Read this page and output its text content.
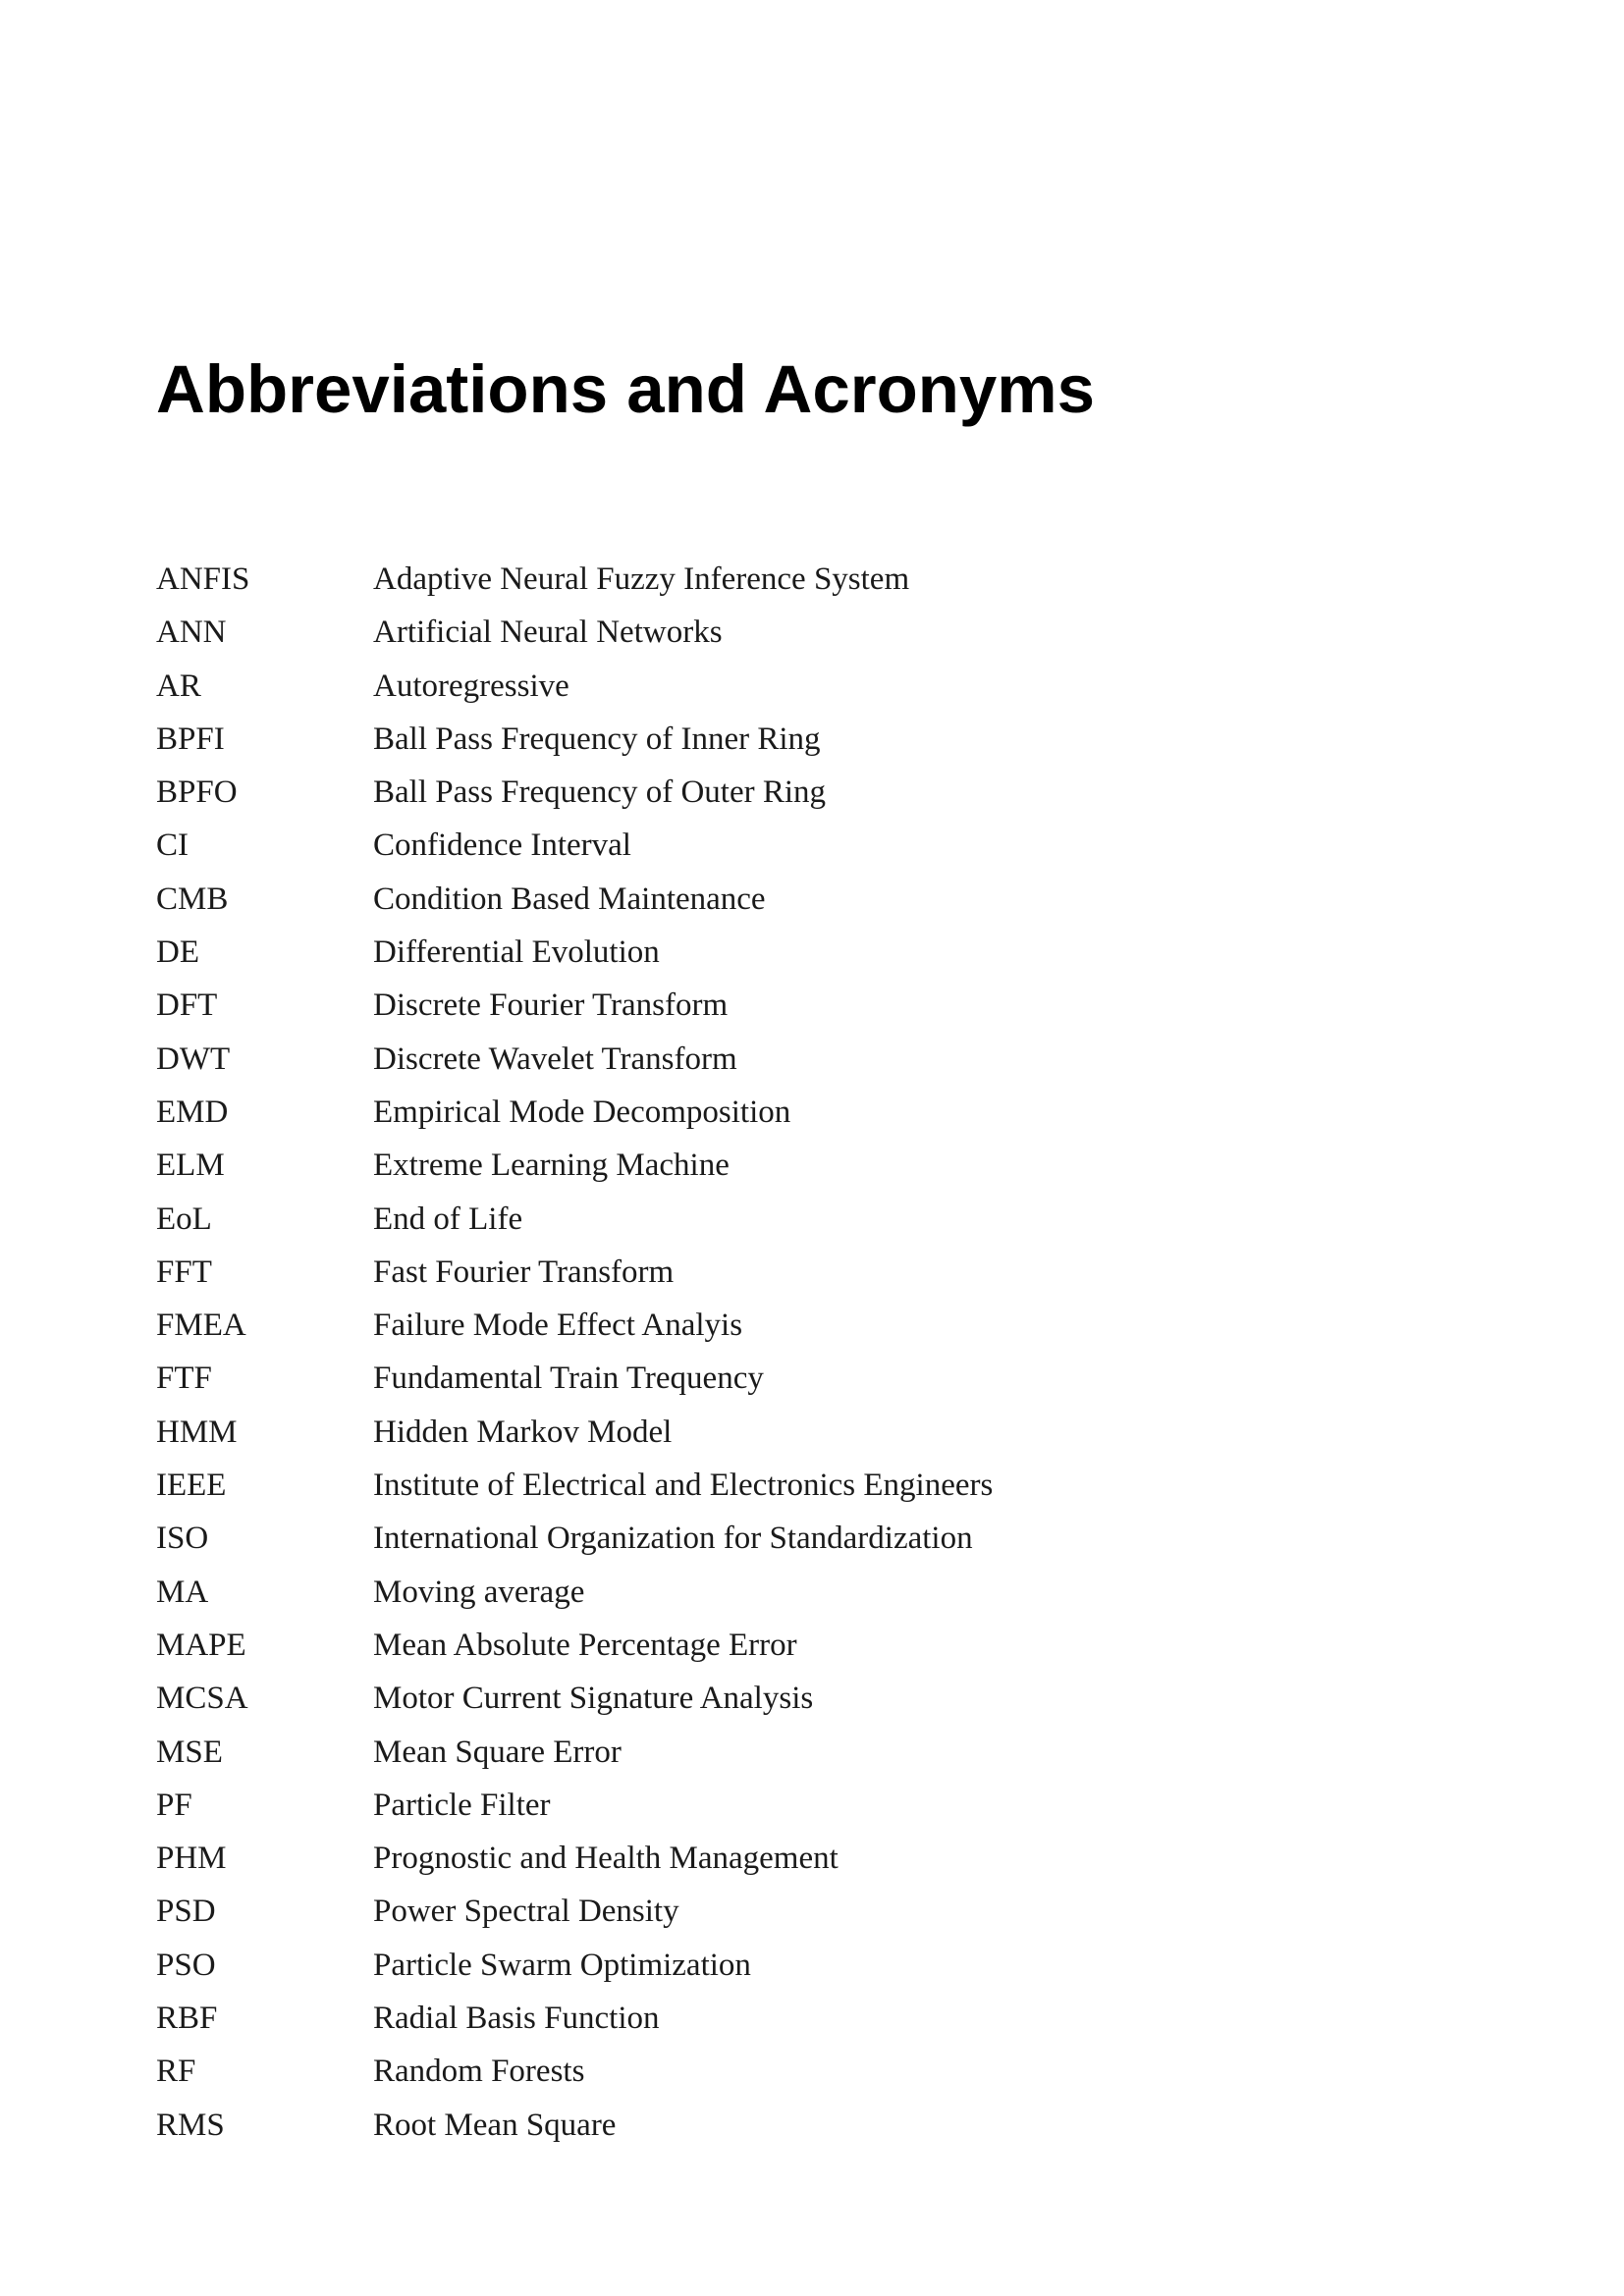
Abbreviations and Acronyms
ANFIS	Adaptive Neural Fuzzy Inference System
ANN	Artificial Neural Networks
AR	Autoregressive
BPFI	Ball Pass Frequency of Inner Ring
BPFO	Ball Pass Frequency of Outer Ring
CI	Confidence Interval
CMB	Condition Based Maintenance
DE	Differential Evolution
DFT	Discrete Fourier Transform
DWT	Discrete Wavelet Transform
EMD	Empirical Mode Decomposition
ELM	Extreme Learning Machine
EoL	End of Life
FFT	Fast Fourier Transform
FMEA	Failure Mode Effect Analyis
FTF	Fundamental Train Trequency
HMM	Hidden Markov Model
IEEE	Institute of Electrical and Electronics Engineers
ISO	International Organization for Standardization
MA	Moving average
MAPE	Mean Absolute Percentage Error
MCSA	Motor Current Signature Analysis
MSE	Mean Square Error
PF	Particle Filter
PHM	Prognostic and Health Management
PSD	Power Spectral Density
PSO	Particle Swarm Optimization
RBF	Radial Basis Function
RF	Random Forests
RMS	Root Mean Square
